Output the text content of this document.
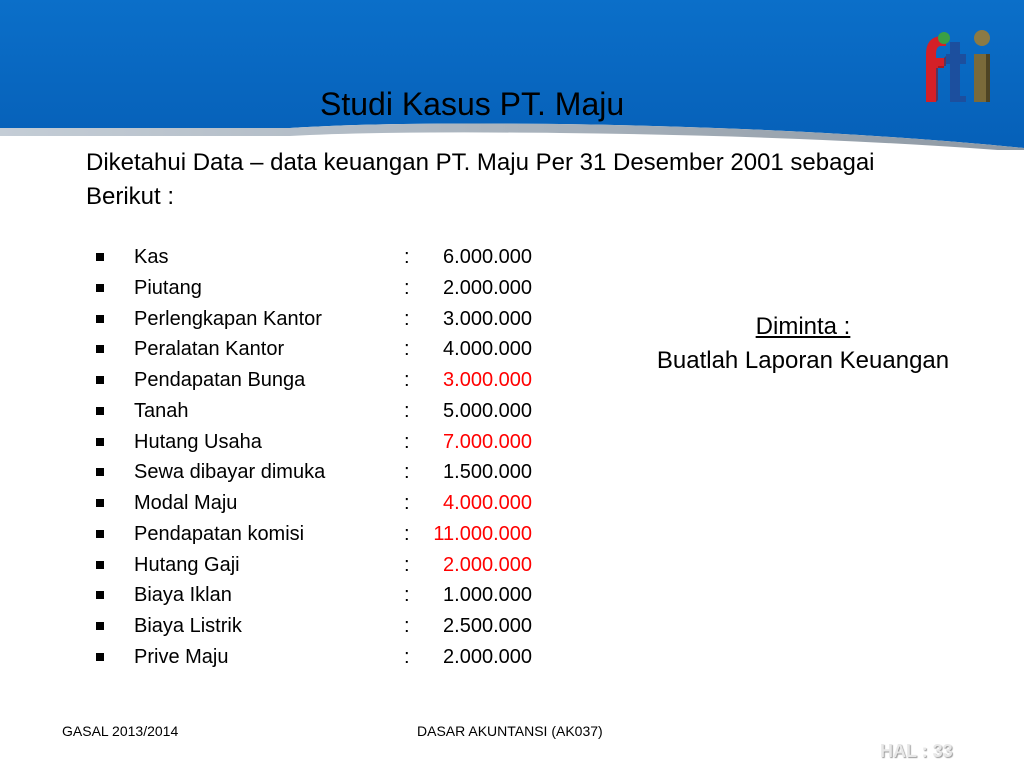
Studi Kasus PT. Maju
Diketahui Data – data keuangan PT. Maju Per 31 Desember 2001 sebagai Berikut :
Kas	:	6.000.000
Piutang	:	2.000.000
Perlengkapan Kantor	:	3.000.000
Peralatan Kantor	:	4.000.000
Pendapatan Bunga	:	3.000.000
Tanah	:	5.000.000
Hutang Usaha	:	7.000.000
Sewa dibayar dimuka	:	1.500.000
Modal Maju	:	4.000.000
Pendapatan komisi	:	11.000.000
Hutang Gaji	:	2.000.000
Biaya Iklan	:	1.000.000
Biaya Listrik	:	2.500.000
Prive Maju	:	2.000.000
Diminta :
Buatlah Laporan Keuangan
GASAL 2013/2014	DASAR AKUNTANSI (AK037)
HAL : 33
